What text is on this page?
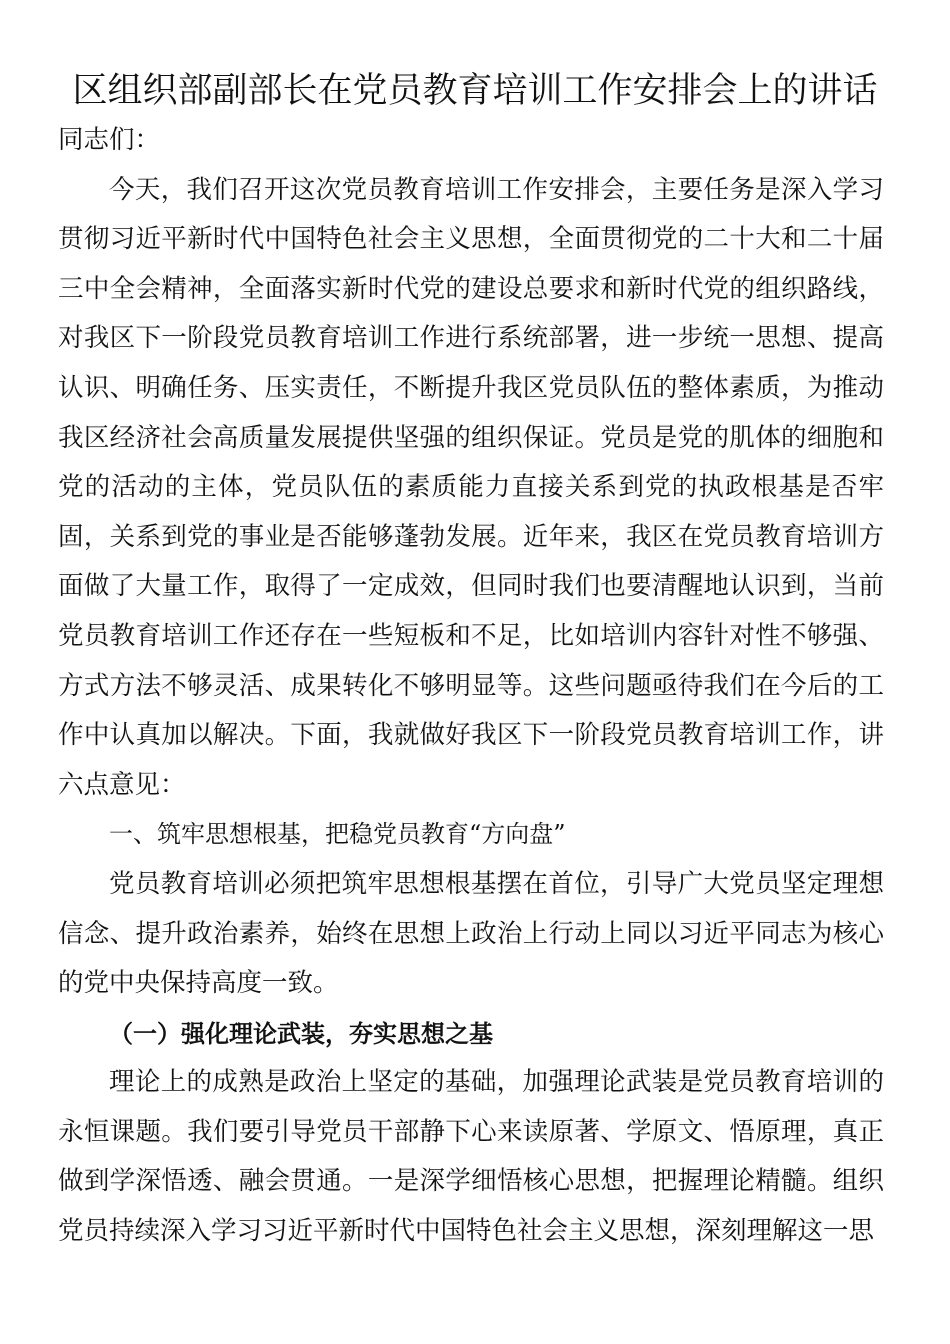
区组织部副部长在党员教育培训工作安排会上的讲话

同志们：

今天，我们召开这次党员教育培训工作安排会，主要任务是深入学习贯彻习近平新时代中国特色社会主义思想，全面贯彻党的二十大和二十届三中全会精神，全面落实新时代党的建设总要求和新时代党的组织路线，对我区下一阶段党员教育培训工作进行系统部署，进一步统一思想、提高认识、明确任务、压实责任，不断提升我区党员队伍的整体素质，为推动我区经济社会高质量发展提供坚强的组织保证。党员是党的肌体的细胞和党的活动的主体，党员队伍的素质能力直接关系到党的执政根基是否牢固，关系到党的事业是否能够蓬勃发展。近年来，我区在党员教育培训方面做了大量工作，取得了一定成效，但同时我们也要清醒地认识到，当前党员教育培训工作还存在一些短板和不足，比如培训内容针对性不够强、方式方法不够灵活、成果转化不够明显等。这些问题亟待我们在今后的工作中认真加以解决。下面，我就做好我区下一阶段党员教育培训工作，讲六点意见：

一、筑牢思想根基，把稳党员教育“方向盘”

党员教育培训必须把筑牢思想根基摆在首位，引导广大党员坚定理想信念、提升政治素养，始终在思想上政治上行动上同以习近平同志为核心的党中央保持高度一致。

（一）强化理论武装，夯实思想之基

理论上的成熟是政治上坚定的基础，加强理论武装是党员教育培训的永恒课题。我们要引导党员干部静下心来读原著、学原文、悟原理，真正做到学深悟透、融会贯通。一是深学细悟核心思想，把握理论精髓。组织党员持续深入学习习近平新时代中国特色社会主义思想，深刻理解这一思
